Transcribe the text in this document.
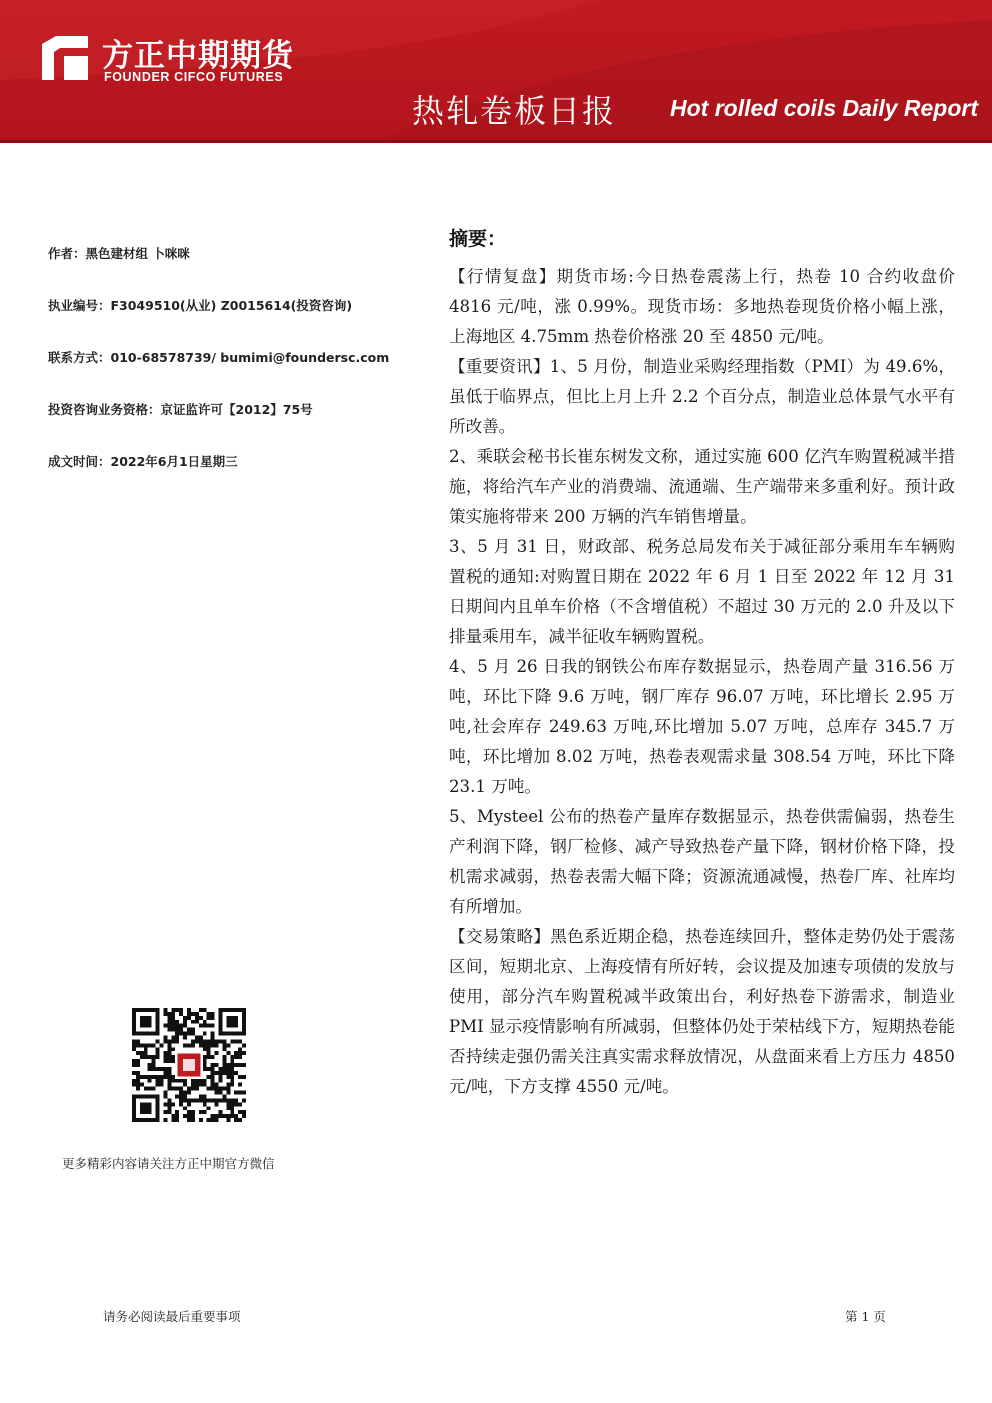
方正中期期货
FOUNDER CIFCO FUTURES
热轧卷板日报 Hot rolled coils Daily Report
作者：黑色建材组 卜咪咪
执业编号：F3049510(从业) Z0015614(投资咨询)
联系方式：010-68578739/ bumimi@foundersc.com
投资咨询业务资格：京证监许可【2012】75号
成文时间：2022年6月1日星期三
更多精彩内容请关注方正中期官方微信
摘要：

【行情复盘】期货市场:今日热卷震荡上行，热卷 10 合约收盘价 4816 元/吨，涨 0.99%。现货市场：多地热卷现货价格小幅上涨，上海地区 4.75mm 热卷价格涨 20 至 4850 元/吨。

【重要资讯】1、5 月份，制造业采购经理指数（PMI）为 49.6%，虽低于临界点，但比上月上升 2.2 个百分点，制造业总体景气水平有所改善。

2、乘联会秘书长崔东树发文称，通过实施 600 亿汽车购置税减半措施，将给汽车产业的消费端、流通端、生产端带来多重利好。预计政策实施将带来 200 万辆的汽车销售增量。

3、5 月 31 日，财政部、税务总局发布关于减征部分乘用车车辆购置税的通知:对购置日期在 2022 年 6 月 1 日至 2022 年 12 月 31 日期间内且单车价格（不含增值税）不超过 30 万元的 2.0 升及以下排量乘用车，减半征收车辆购置税。

4、5 月 26 日我的钢铁公布库存数据显示，热卷周产量 316.56 万吨，环比下降 9.6 万吨，钢厂库存 96.07 万吨，环比增长 2.95 万吨,社会库存 249.63 万吨,环比增加 5.07 万吨，总库存 345.7 万吨，环比增加 8.02 万吨，热卷表观需求量 308.54 万吨，环比下降 23.1 万吨。

5、Mysteel 公布的热卷产量库存数据显示，热卷供需偏弱，热卷生产利润下降，钢厂检修、减产导致热卷产量下降，钢材价格下降，投机需求减弱，热卷表需大幅下降；资源流通减慢，热卷厂库、社库均有所增加。

【交易策略】黑色系近期企稳，热卷连续回升，整体走势仍处于震荡区间，短期北京、上海疫情有所好转，会议提及加速专项债的发放与使用，部分汽车购置税减半政策出台，利好热卷下游需求，制造业 PMI 显示疫情影响有所减弱，但整体仍处于荣枯线下方，短期热卷能否持续走强仍需关注真实需求释放情况，从盘面来看上方压力 4850 元/吨，下方支撑 4550 元/吨。

请务必阅读最后重要事项	第 1 页
